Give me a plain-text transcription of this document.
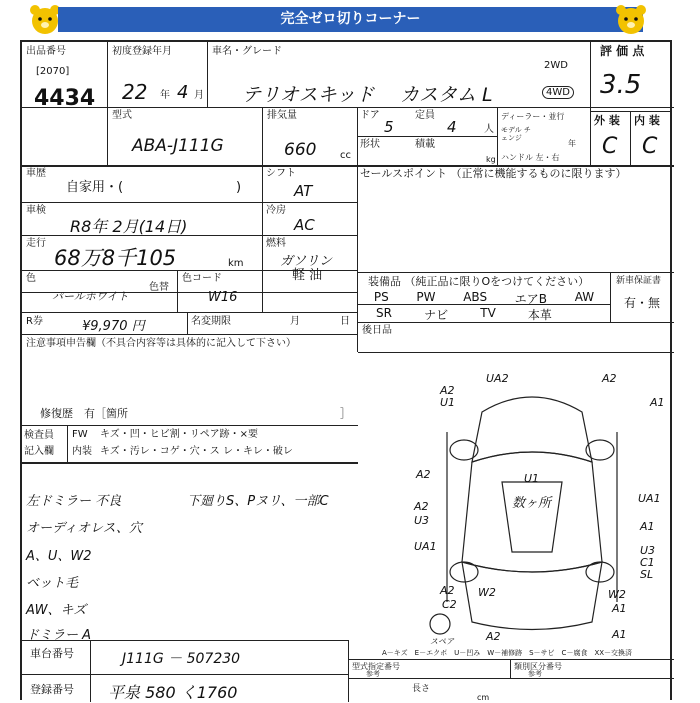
完全ゼロ切りコーナー
出品番号
[2070]
4434
初度登録年月
22 年 4 月
車名・グレード
テリオスキッド カスタム L
2WD
4WD
評 価 点
3.5
型式
ABA-J111G
排気量
660 cc
ドア
5
定員
4	人
形状	積載
kg
ディーラー・並行
モデル チェンジ
年
ハンドル 左・右
外 装 内 装
C C
車歴
自家用・(	)
シフト
AT
セールスポイント （正常に機能するものに限ります）
車検
R8年 2月(14日)
冷房
AC
走行
68万8千105	km
燃料
ガソリン
軽 油
色
パールホワイト
色替
色コード
W16
R券	¥9,970 円	名変期限	月	日
装備品 （純正品に限りOをつけてください）	新車保証書
有・無
PS PW ABS エアB AW
SR	ナビ	TV	本革
後日品
注意事項申告欄（不具合内容等は具体的に記入して下さい）
修復歴　有［箇所	］
検査員
記入欄
FW キズ・凹・ヒビ割・リペア跡・×要
内装 キズ・汚レ・コゲ・穴・ス レ・キレ・破レ
左ドミラー 不良	下廻りS、Pヌリ、一部C
オーディオレス、穴
A、U、W2
ベット毛
AW、キズ
ドミラー A
UA2	A2
U1
A2
A1
A2	U1
数ヶ所
A2
UA1
U3	A1
UA1	U3
C1
SL
A2 W2	W2
C2	A1
A2	A1
スペア
A－キズ　E－エクボ　U－凹み　W－補修跡　S－サビ　C－腐食　XX－交換済
車台番号	J111G － 507230
登録番号 平泉 580 く1760
型式指定番号
参考
類別区分番号
参考
長さ
cm
